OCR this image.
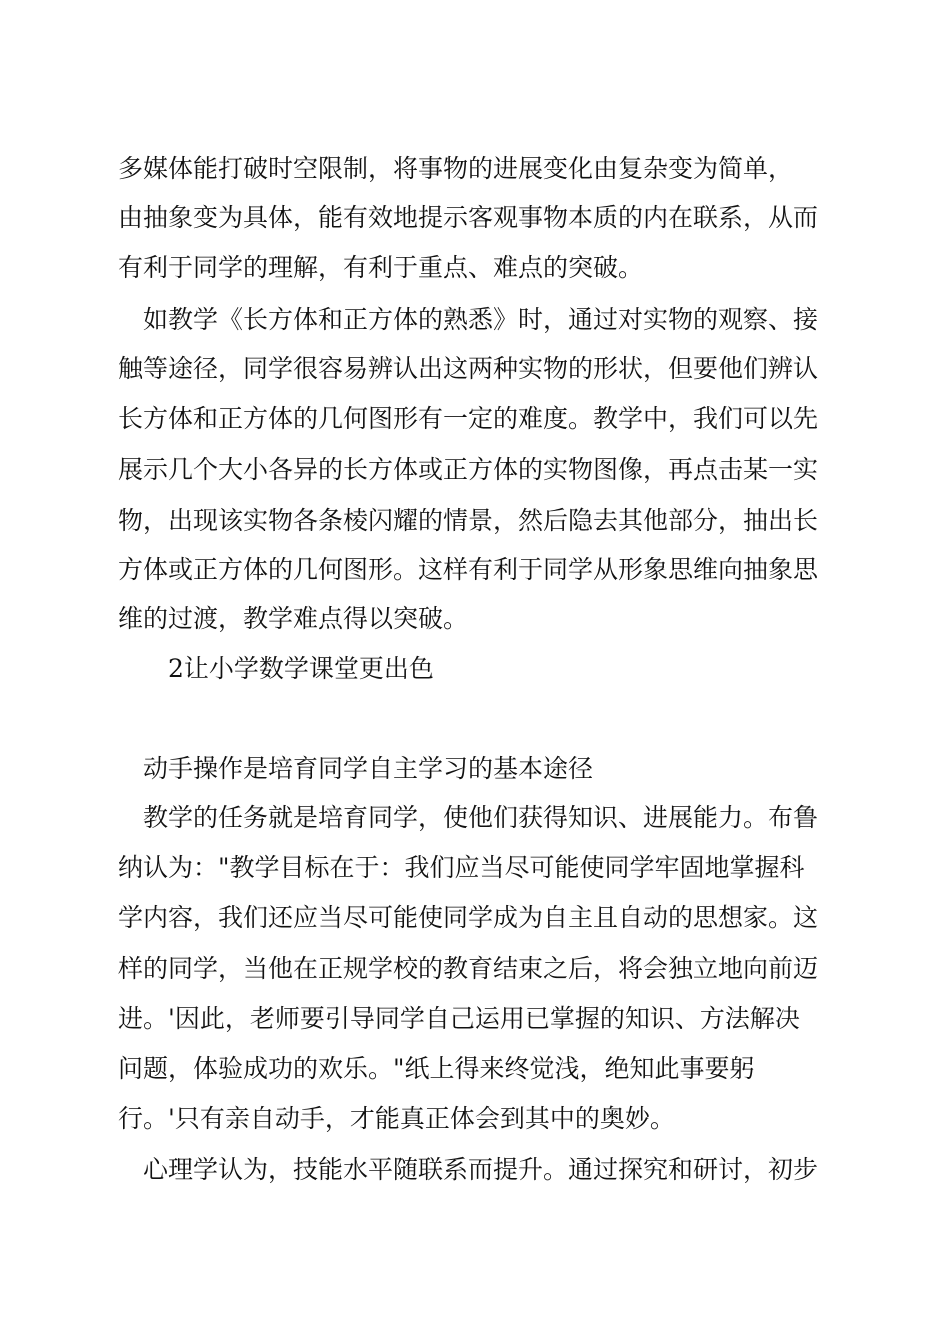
多媒体能打破时空限制，将事物的进展变化由复杂变为简单，
由抽象变为具体，能有效地提示客观事物本质的内在联系，从而
有利于同学的理解，有利于重点、难点的突破。
如教学《长方体和正方体的熟悉》时，通过对实物的观察、接
触等途径，同学很容易辨认出这两种实物的形状，但要他们辨认
长方体和正方体的几何图形有一定的难度。教学中，我们可以先
展示几个大小各异的长方体或正方体的实物图像，再点击某一实
物，出现该实物各条棱闪耀的情景，然后隐去其他部分，抽出长
方体或正方体的几何图形。这样有利于同学从形象思维向抽象思
维的过渡，教学难点得以突破。
2让小学数学课堂更出色
动手操作是培育同学自主学习的基本途径
教学的任务就是培育同学，使他们获得知识、进展能力。布鲁
纳认为："教学目标在于：我们应当尽可能使同学牢固地掌握科
学内容，我们还应当尽可能使同学成为自主且自动的思想家。这
样的同学，当他在正规学校的教育结束之后，将会独立地向前迈
进。'因此，老师要引导同学自己运用已掌握的知识、方法解决
问题，体验成功的欢乐。"纸上得来终觉浅，绝知此事要躬
行。'只有亲自动手，才能真正体会到其中的奥妙。
心理学认为，技能水平随联系而提升。通过探究和研讨，初步
